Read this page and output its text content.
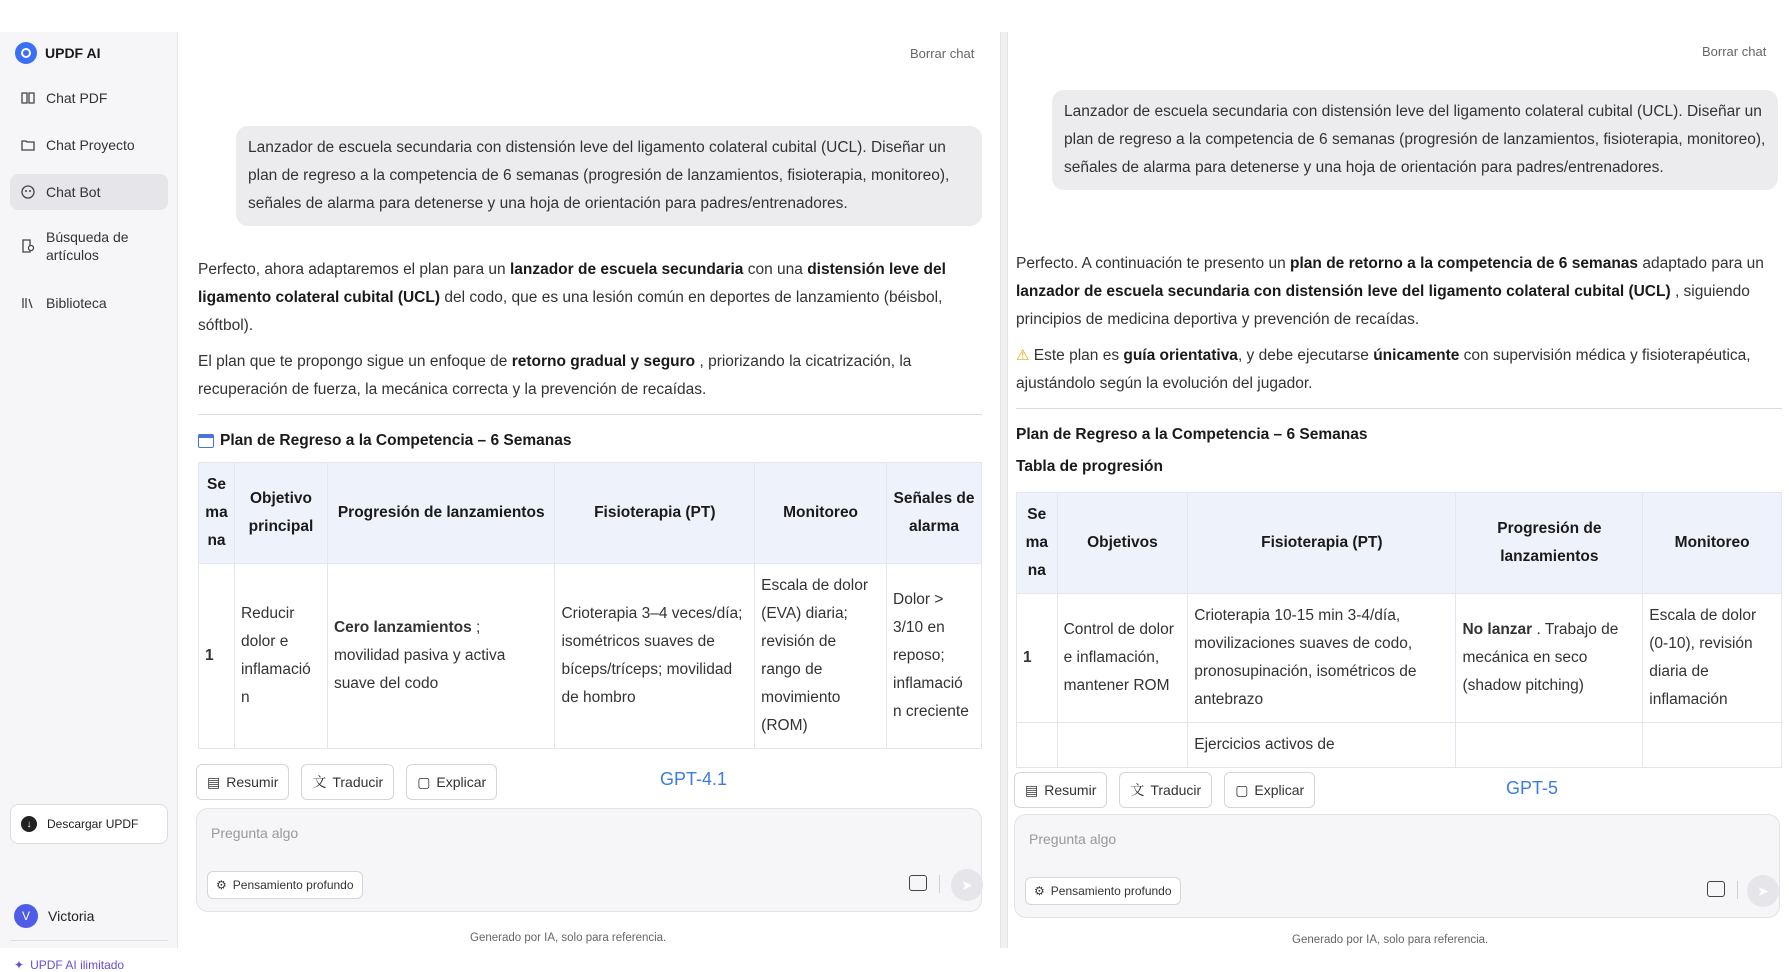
UPDF AI
Chat PDF
Chat Proyecto
Chat Bot
Búsqueda de artículos
Biblioteca
↓	Descargar UPDF
V	Victoria
✦ UPDF AI ilimitado
Borrar chat
Lanzador de escuela secundaria con distensión leve del ligamento colateral cubital (UCL). Diseñar un plan de regreso a la competencia de 6 semanas (progresión de lanzamientos, fisioterapia, monitoreo), señales de alarma para detenerse y una hoja de orientación para padres/entrenadores.

Perfecto, ahora adaptaremos el plan para un lanzador de escuela secundaria con una distensión leve del ligamento colateral cubital (UCL) del codo, que es una lesión común en deportes de lanzamiento (béisbol, sóftbol).

El plan que te propongo sigue un enfoque de retorno gradual y seguro , priorizando la cicatrización, la recuperación de fuerza, la mecánica correcta y la prevención de recaídas.

Plan de Regreso a la Competencia – 6 Semanas
Se ma na	Objetivo principal	Progresión de lanzamientos	Fisioterapia (PT)	Monitoreo	Señales de alarma
1	Reducir dolor e inflamació n	Cero lanzamientos ; movilidad pasiva y activa suave del codo	Crioterapia 3–4 veces/día; isométricos suaves de bíceps/tríceps; movilidad de hombro	Escala de dolor (EVA) diaria; revisión de rango de movimiento (ROM)	Dolor > 3/10 en reposo; inflamació n creciente
▤ Resumir 文 Traducir ▢ Explicar	GPT-4.1
Pregunta algo
⚙ Pensamiento profundo	➤
Generado por IA, solo para referencia.
Borrar chat
Lanzador de escuela secundaria con distensión leve del ligamento colateral cubital (UCL). Diseñar un plan de regreso a la competencia de 6 semanas (progresión de lanzamientos, fisioterapia, monitoreo), señales de alarma para detenerse y una hoja de orientación para padres/entrenadores.

Perfecto. A continuación te presento un plan de retorno a la competencia de 6 semanas adaptado para un lanzador de escuela secundaria con distensión leve del ligamento colateral cubital (UCL) , siguiendo principios de medicina deportiva y prevención de recaídas.

⚠ Este plan es guía orientativa, y debe ejecutarse únicamente con supervisión médica y fisioterapéutica, ajustándolo según la evolución del jugador.

Plan de Regreso a la Competencia – 6 Semanas
Tabla de progresión
Se ma na	Objetivos	Fisioterapia (PT)	Progresión de lanzamientos	Monitoreo
1	Control de dolor e inflamación, mantener ROM	Crioterapia 10-15 min 3-4/día, movilizaciones suaves de codo, pronosupinación, isométricos de antebrazo	No lanzar . Trabajo de mecánica en seco (shadow pitching)	Escala de dolor (0-10), revisión diaria de inflamación
		Ejercicios activos de		
▤ Resumir 文 Traducir ▢ Explicar	GPT-5
Pregunta algo
⚙ Pensamiento profundo	➤
Generado por IA, solo para referencia.
